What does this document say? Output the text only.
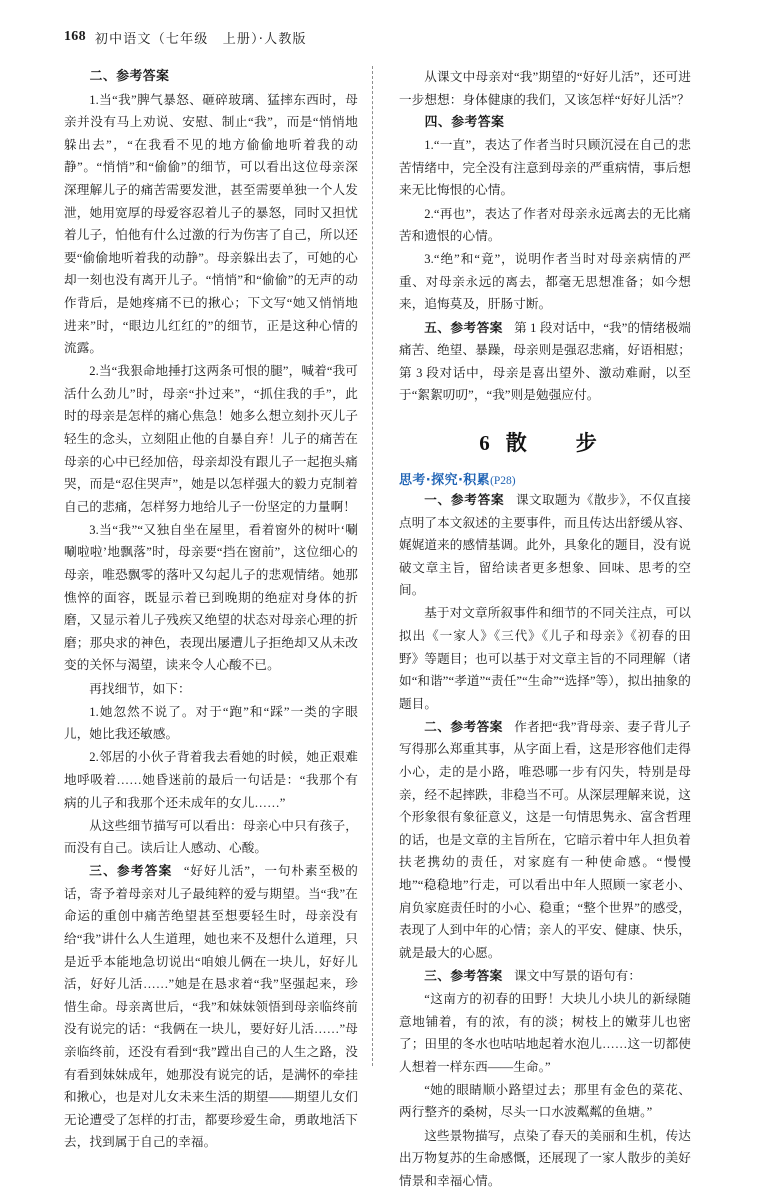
168 初中语文（七年级　上册）·人教版

二、参考答案

1.当“我”脾气暴怒、砸碎玻璃、猛摔东西时，母亲并没有马上劝说、安慰、制止“我”，而是“悄悄地躲出去”，“在我看不见的地方偷偷地听着我的动静”。“悄悄”和“偷偷”的细节，可以看出这位母亲深深理解儿子的痛苦需要发泄，甚至需要单独一个人发泄，她用宽厚的母爱容忍着儿子的暴怒，同时又担忧着儿子，怕他有什么过激的行为伤害了自己，所以还要“偷偷地听着我的动静”。母亲躲出去了，可她的心却一刻也没有离开儿子。“悄悄”和“偷偷”的无声的动作背后，是她疼痛不已的揪心；下文写“她又悄悄地进来”时，“眼边儿红红的”的细节，正是这种心情的流露。

2.当“我狠命地捶打这两条可恨的腿”，喊着“我可活什么劲儿”时，母亲“扑过来”，“抓住我的手”，此时的母亲是怎样的痛心焦急！她多么想立刻扑灭儿子轻生的念头，立刻阻止他的自暴自弃！儿子的痛苦在母亲的心中已经加倍，母亲却没有跟儿子一起抱头痛哭，而是“忍住哭声”，她是以怎样强大的毅力克制着自己的悲痛，怎样努力地给儿子一份坚定的力量啊！

3.当“我”“又独自坐在屋里，看着窗外的树叶‘唰唰啦啦’地飘落”时，母亲要“挡在窗前”，这位细心的母亲，唯恐飘零的落叶又勾起儿子的悲观情绪。她那憔悴的面容，既显示着已到晚期的绝症对身体的折磨，又显示着儿子残疾又绝望的状态对母亲心理的折磨；那央求的神色，表现出屡遭儿子拒绝却又从未改变的关怀与渴望，读来令人心酸不已。

再找细节，如下：

1.她忽然不说了。对于“跑”和“踩”一类的字眼儿，她比我还敏感。

2.邻居的小伙子背着我去看她的时候，她正艰难地呼吸着……她昏迷前的最后一句话是：“我那个有病的儿子和我那个还未成年的女儿……”

从这些细节描写可以看出：母亲心中只有孩子，而没有自己。读后让人感动、心酸。

三、参考答案 “好好儿活”，一句朴素至极的话，寄予着母亲对儿子最纯粹的爱与期望。当“我”在命运的重创中痛苦绝望甚至想要轻生时，母亲没有给“我”讲什么人生道理，她也来不及想什么道理，只是近乎本能地急切说出“咱娘儿俩在一块儿，好好儿活，好好儿活……”她是在恳求着“我”坚强起来，珍惜生命。母亲离世后，“我”和妹妹领悟到母亲临终前没有说完的话：“我俩在一块儿，要好好儿活……”母亲临终前，还没有看到“我”蹚出自己的人生之路，没有看到妹妹成年，她那没有说完的话，是满怀的牵挂和揪心，也是对儿女未来生活的期望——期望儿女们无论遭受了怎样的打击，都要珍爱生命，勇敢地活下去，找到属于自己的幸福。

从课文中母亲对“我”期望的“好好儿活”，还可进一步想想：身体健康的我们，又该怎样“好好儿活”？

四、参考答案

1.“一直”，表达了作者当时只顾沉浸在自己的悲苦情绪中，完全没有注意到母亲的严重病情，事后想来无比悔恨的心情。

2.“再也”，表达了作者对母亲永远离去的无比痛苦和遗恨的心情。

3.“绝”和“竟”，说明作者当时对母亲病情的严重、对母亲永远的离去，都毫无思想准备；如今想来，追悔莫及，肝肠寸断。

五、参考答案 第 1 段对话中，“我”的情绪极端痛苦、绝望、暴躁，母亲则是强忍悲痛，好语相慰；第 3 段对话中，母亲是喜出望外、激动难耐，以至于“絮絮叨叨”，“我”则是勉强应付。

6 散　步
思考·探究·积累(P28)

一、参考答案 课文取题为《散步》，不仅直接点明了本文叙述的主要事件，而且传达出舒缓从容、娓娓道来的感情基调。此外，具象化的题目，没有说破文章主旨，留给读者更多想象、回味、思考的空间。

基于对文章所叙事件和细节的不同关注点，可以拟出《一家人》《三代》《儿子和母亲》《初春的田野》等题目；也可以基于对文章主旨的不同理解（诸如“和谐”“孝道”“责任”“生命”“选择”等），拟出抽象的题目。

二、参考答案 作者把“我”背母亲、妻子背儿子写得那么郑重其事，从字面上看，这是形容他们走得小心，走的是小路，唯恐哪一步有闪失，特别是母亲，经不起摔跌，非稳当不可。从深层理解来说，这个形象很有象征意义，这是一句情思隽永、富含哲理的话，也是文章的主旨所在，它暗示着中年人担负着扶老携幼的责任，对家庭有一种使命感。“慢慢地”“稳稳地”行走，可以看出中年人照顾一家老小、肩负家庭责任时的小心、稳重；“整个世界”的感受，表现了人到中年的心情；亲人的平安、健康、快乐，就是最大的心愿。

三、参考答案 课文中写景的语句有：

“这南方的初春的田野！大块儿小块儿的新绿随意地铺着，有的浓，有的淡；树枝上的嫩芽儿也密了；田里的冬水也咕咕地起着水泡儿……这一切都使人想着一样东西——生命。”

“她的眼睛顺小路望过去；那里有金色的菜花、两行整齐的桑树，尽头一口水波粼粼的鱼塘。”

这些景物描写，点染了春天的美丽和生机，传达出万物复苏的生命感慨，还展现了一家人散步的美好情景和幸福心情。
